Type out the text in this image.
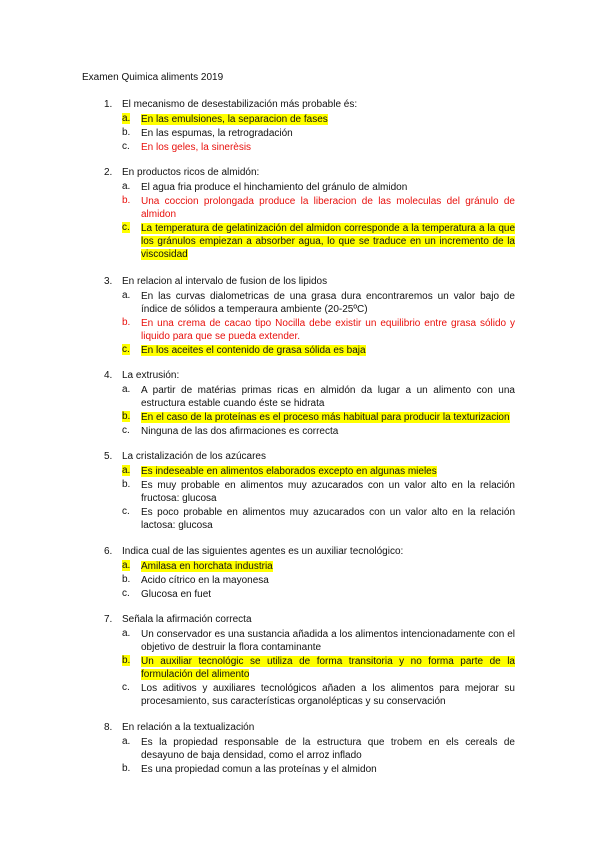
Examen Quimica aliments 2019
1. El mecanismo de desestabilización más probable és:
a. En las emulsiones, la separacion de fases
b. En las espumas, la retrogradación
c. En los geles, la sinerèsis
2. En productos ricos de almidón:
a. El agua fria produce el hinchamiento del gránulo de almidon
b. Una coccion prolongada produce la liberacion de las moleculas del gránulo de almidon
c. La temperatura de gelatinización del almidon corresponde a la temperatura a la que los gránulos empiezan a absorber agua, lo que se traduce en un incremento de la viscosidad
3. En relacion al intervalo de fusion de los lipidos
a. En las curvas dialometricas de una grasa dura encontraremos un valor bajo de índice de sólidos a temperaura ambiente (20-25ºC)
b. En una crema de cacao tipo Nocilla debe existir un equilibrio entre grasa sólido y liquido para que se pueda extender.
c. En los aceites el contenido de grasa sólida es baja
4. La extrusión:
a. A partir de matérias primas ricas en almidón da lugar a un alimento con una estructura estable cuando éste se hidrata
b. En el caso de la proteínas es el proceso más habitual para producir la texturizacion
c. Ninguna de las dos afirmaciones es correcta
5. La cristalización de los azúcares
a. Es indeseable en alimentos elaborados excepto en algunas mieles
b. Es muy probable en alimentos muy azucarados con un valor alto en la relación fructosa: glucosa
c. Es poco probable en alimentos muy azucarados con un valor alto en la relación lactosa: glucosa
6. Indica cual de las siguientes agentes es un auxiliar tecnológico:
a. Amilasa en horchata industria
b. Acido cítrico en la mayonesa
c. Glucosa en fuet
7. Señala la afirmación correcta
a. Un conservador es una sustancia añadida a los alimentos intencionadamente con el objetivo de destruir la flora contaminante
b. Un auxiliar tecnológic se utiliza de forma transitoria y no forma parte de la formulación del alimento
c. Los aditivos y auxiliares tecnológicos añaden a los alimentos para mejorar su procesamiento, sus características organolépticas y su conservación
8. En relación a la textualización
a. Es la propiedad responsable de la estructura que trobem en els cereals de desayuno de baja densidad, como el arroz inflado
b. Es una propiedad comun a las proteínas y el almidon
